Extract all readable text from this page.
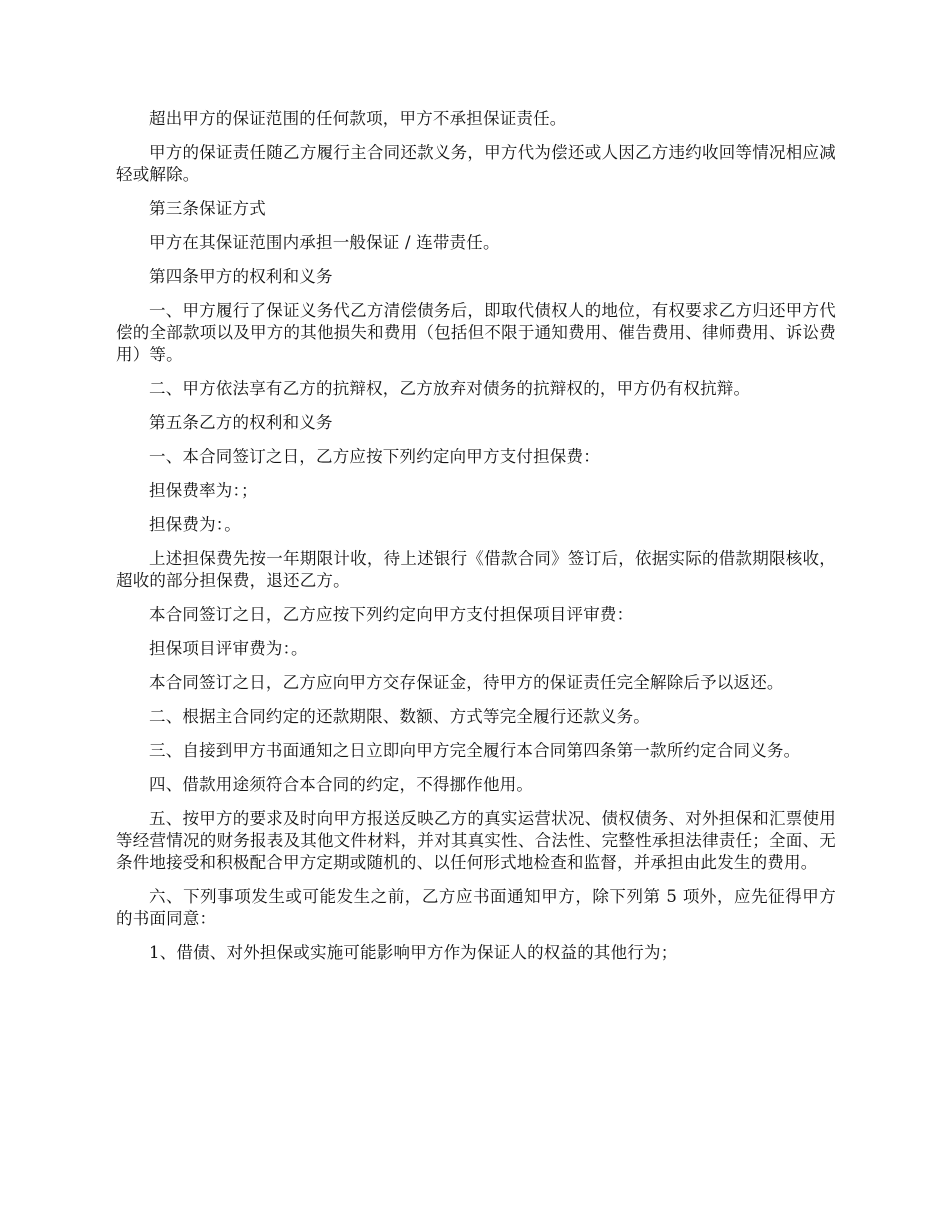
超出甲方的保证范围的任何款项，甲方不承担保证责任。

甲方的保证责任随乙方履行主合同还款义务，甲方代为偿还或人因乙方违约收回等情况相应减轻或解除。

第三条保证方式

甲方在其保证范围内承担一般保证 / 连带责任。

第四条甲方的权利和义务

一、甲方履行了保证义务代乙方清偿债务后，即取代债权人的地位，有权要求乙方归还甲方代偿的全部款项以及甲方的其他损失和费用（包括但不限于通知费用、催告费用、律师费用、诉讼费用）等。

二、甲方依法享有乙方的抗辩权，乙方放弃对债务的抗辩权的，甲方仍有权抗辩。

第五条乙方的权利和义务

一、本合同签订之日，乙方应按下列约定向甲方支付担保费：

担保费率为：；

担保费为：。

上述担保费先按一年期限计收，待上述银行《借款合同》签订后，依据实际的借款期限核收，超收的部分担保费，退还乙方。

本合同签订之日，乙方应按下列约定向甲方支付担保项目评审费：

担保项目评审费为：。

本合同签订之日，乙方应向甲方交存保证金，待甲方的保证责任完全解除后予以返还。

二、根据主合同约定的还款期限、数额、方式等完全履行还款义务。

三、自接到甲方书面通知之日立即向甲方完全履行本合同第四条第一款所约定合同义务。

四、借款用途须符合本合同的约定，不得挪作他用。

五、按甲方的要求及时向甲方报送反映乙方的真实运营状况、债权债务、对外担保和汇票使用等经营情况的财务报表及其他文件材料，并对其真实性、合法性、完整性承担法律责任；全面、无条件地接受和积极配合甲方定期或随机的、以任何形式地检查和监督，并承担由此发生的费用。

六、下列事项发生或可能发生之前，乙方应书面通知甲方，除下列第 5 项外，应先征得甲方的书面同意：

1、借债、对外担保或实施可能影响甲方作为保证人的权益的其他行为；
